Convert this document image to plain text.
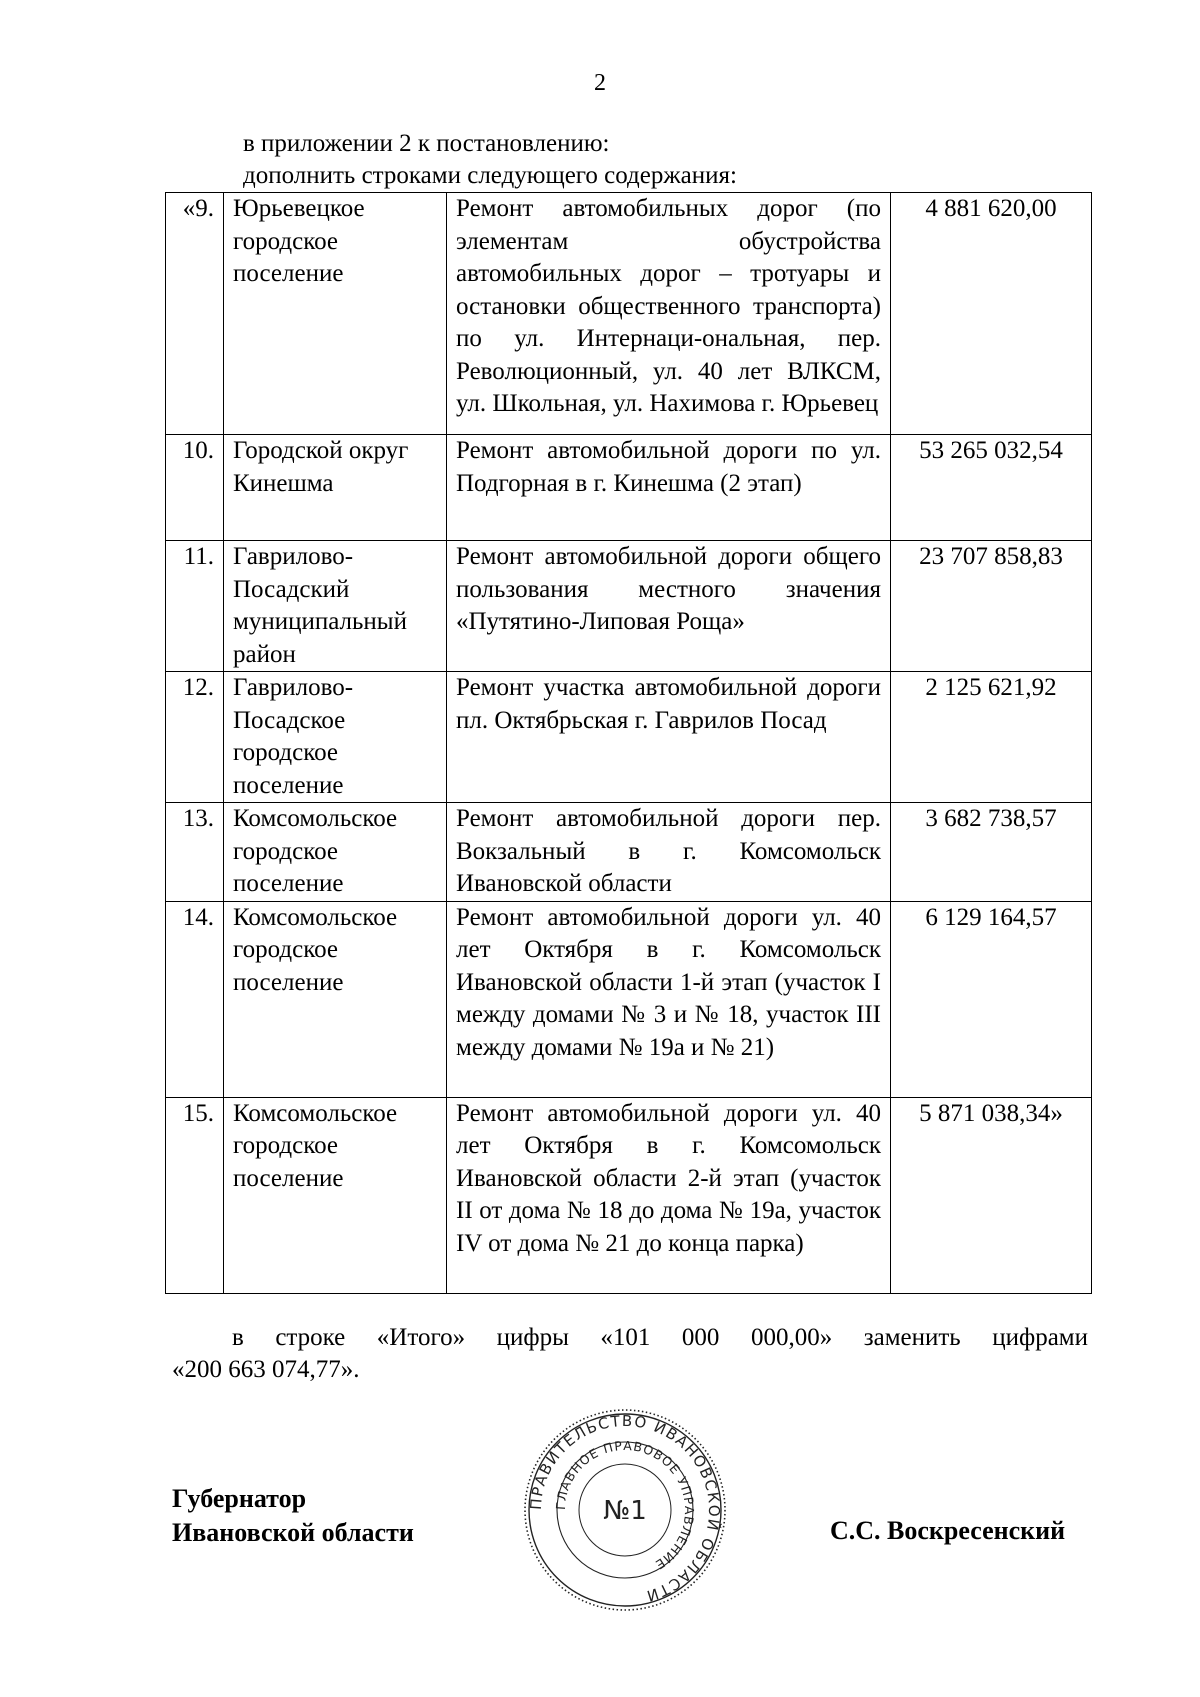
2
в приложении 2 к постановлению:
дополнить строками следующего содержания:
«9.	Юрьевецкое городское поселение	Ремонт автомобильных дорог (по элементам обустройства автомобильных дорог – тротуары и остановки общественного транспорта) по ул. Интернаци-ональная, пер. Революционный, ул. 40 лет ВЛКСМ, ул. Школьная, ул. Нахимова г. Юрьевец	4 881 620,00
10.	Городской округ Кинешма	Ремонт автомобильной дороги по ул. Подгорная в г. Кинешма (2 этап)	53 265 032,54
11.	Гаврилово-Посадский муниципальный район	Ремонт автомобильной дороги общего пользования местного значения «Путятино-Липовая Роща»	23 707 858,83
12.	Гаврилово-Посадское городское поселение	Ремонт участка автомобильной дороги пл. Октябрьская г. Гаврилов Посад	2 125 621,92
13.	Комсомольское городское поселение	Ремонт автомобильной дороги пер. Вокзальный в г. Комсомольск Ивановской области	3 682 738,57
14.	Комсомольское городское поселение	Ремонт автомобильной дороги ул. 40 лет Октября в г. Комсомольск Ивановской области 1-й этап (участок I между домами № 3 и № 18, участок III между домами № 19а и № 21)	6 129 164,57
15.	Комсомольское городское поселение	Ремонт автомобильной дороги ул. 40 лет Октября в г. Комсомольск Ивановской области 2-й этап (участок II от дома № 18 до дома № 19а, участок IV от дома № 21 до конца парка)	5 871 038,34»
в строке «Итого» цифры «101 000 000,00» заменить цифрами
«200 663 074,77».
Губернатор
Ивановской области
ПРАВИТЕЛЬСТВО ИВАНОВСКОЙ ОБЛАСТИ
ГЛАВНОЕ ПРАВОВОЕ УПРАВЛЕНИЕ
№1
С.С. Воскресенский
